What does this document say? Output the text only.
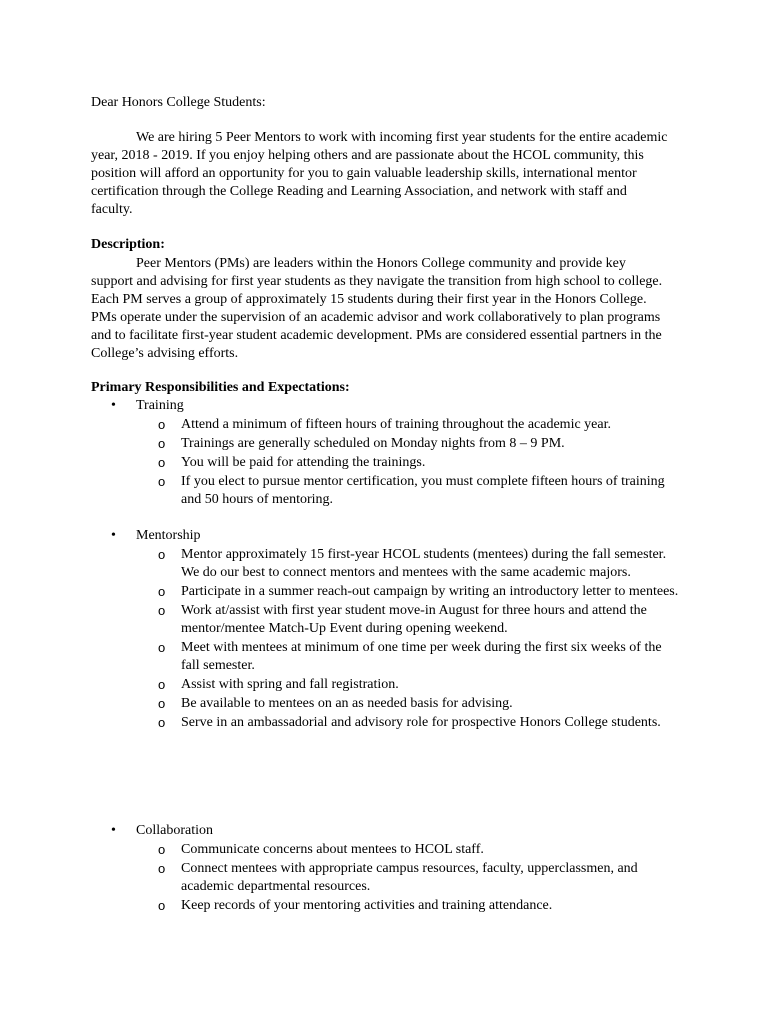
Dear Honors College Students:
We are hiring 5 Peer Mentors to work with incoming first year students for the entire academic year, 2018 - 2019. If you enjoy helping others and are passionate about the HCOL community, this position will afford an opportunity for you to gain valuable leadership skills, international mentor certification through the College Reading and Learning Association, and network with staff and faculty.
Description:
Peer Mentors (PMs) are leaders within the Honors College community and provide key support and advising for first year students as they navigate the transition from high school to college. Each PM serves a group of approximately 15 students during their first year in the Honors College. PMs operate under the supervision of an academic advisor and work collaboratively to plan programs and to facilitate first-year student academic development. PMs are considered essential partners in the College’s advising efforts.
Primary Responsibilities and Expectations:
• Training
o Attend a minimum of fifteen hours of training throughout the academic year.
o Trainings are generally scheduled on Monday nights from 8 – 9 PM.
o You will be paid for attending the trainings.
o If you elect to pursue mentor certification, you must complete fifteen hours of training and 50 hours of mentoring.
• Mentorship
o Mentor approximately 15 first-year HCOL students (mentees) during the fall semester. We do our best to connect mentors and mentees with the same academic majors.
o Participate in a summer reach-out campaign by writing an introductory letter to mentees.
o Work at/assist with first year student move-in August for three hours and attend the mentor/mentee Match-Up Event during opening weekend.
o Meet with mentees at minimum of one time per week during the first six weeks of the fall semester.
o Assist with spring and fall registration.
o Be available to mentees on an as needed basis for advising.
o Serve in an ambassadorial and advisory role for prospective Honors College students.
• Collaboration
o Communicate concerns about mentees to HCOL staff.
o Connect mentees with appropriate campus resources, faculty, upperclassmen, and academic departmental resources.
o Keep records of your mentoring activities and training attendance.
